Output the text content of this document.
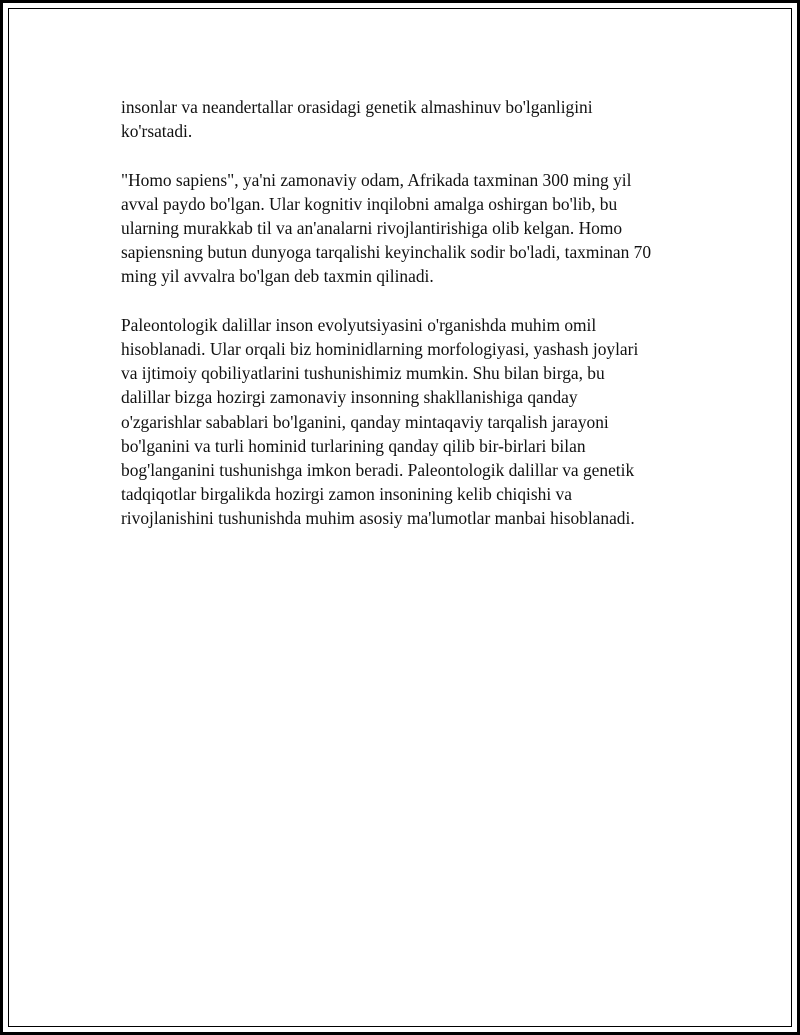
insonlar va neandertallar orasidagi genetik almashinuv bo'lganligini
ko'rsatadi.

"Homo sapiens", ya'ni zamonaviy odam, Afrikada taxminan 300 ming yil
avval paydo bo'lgan. Ular kognitiv inqilobni amalga oshirgan bo'lib, bu
ularning murakkab til va an'analarni rivojlantirishiga olib kelgan. Homo
sapiensning butun dunyoga tarqalishi keyinchalik sodir bo'ladi, taxminan 70
ming yil avvalra bo'lgan deb taxmin qilinadi.

Paleontologik dalillar inson evolyutsiyasini o'rganishda muhim omil
hisoblanadi. Ular orqali biz hominidlarning morfologiyasi, yashash joylari
va ijtimoiy qobiliyatlarini tushunishimiz mumkin. Shu bilan birga, bu
dalillar bizga hozirgi zamonaviy insonning shakllanishiga qanday
o'zgarishlar sabablari bo'lganini, qanday mintaqaviy tarqalish jarayoni
bo'lganini va turli hominid turlarining qanday qilib bir-birlari bilan
bog'langanini tushunishga imkon beradi. Paleontologik dalillar va genetik
tadqiqotlar birgalikda hozirgi zamon insonining kelib chiqishi va
rivojlanishini tushunishda muhim asosiy ma'lumotlar manbai hisoblanadi.
